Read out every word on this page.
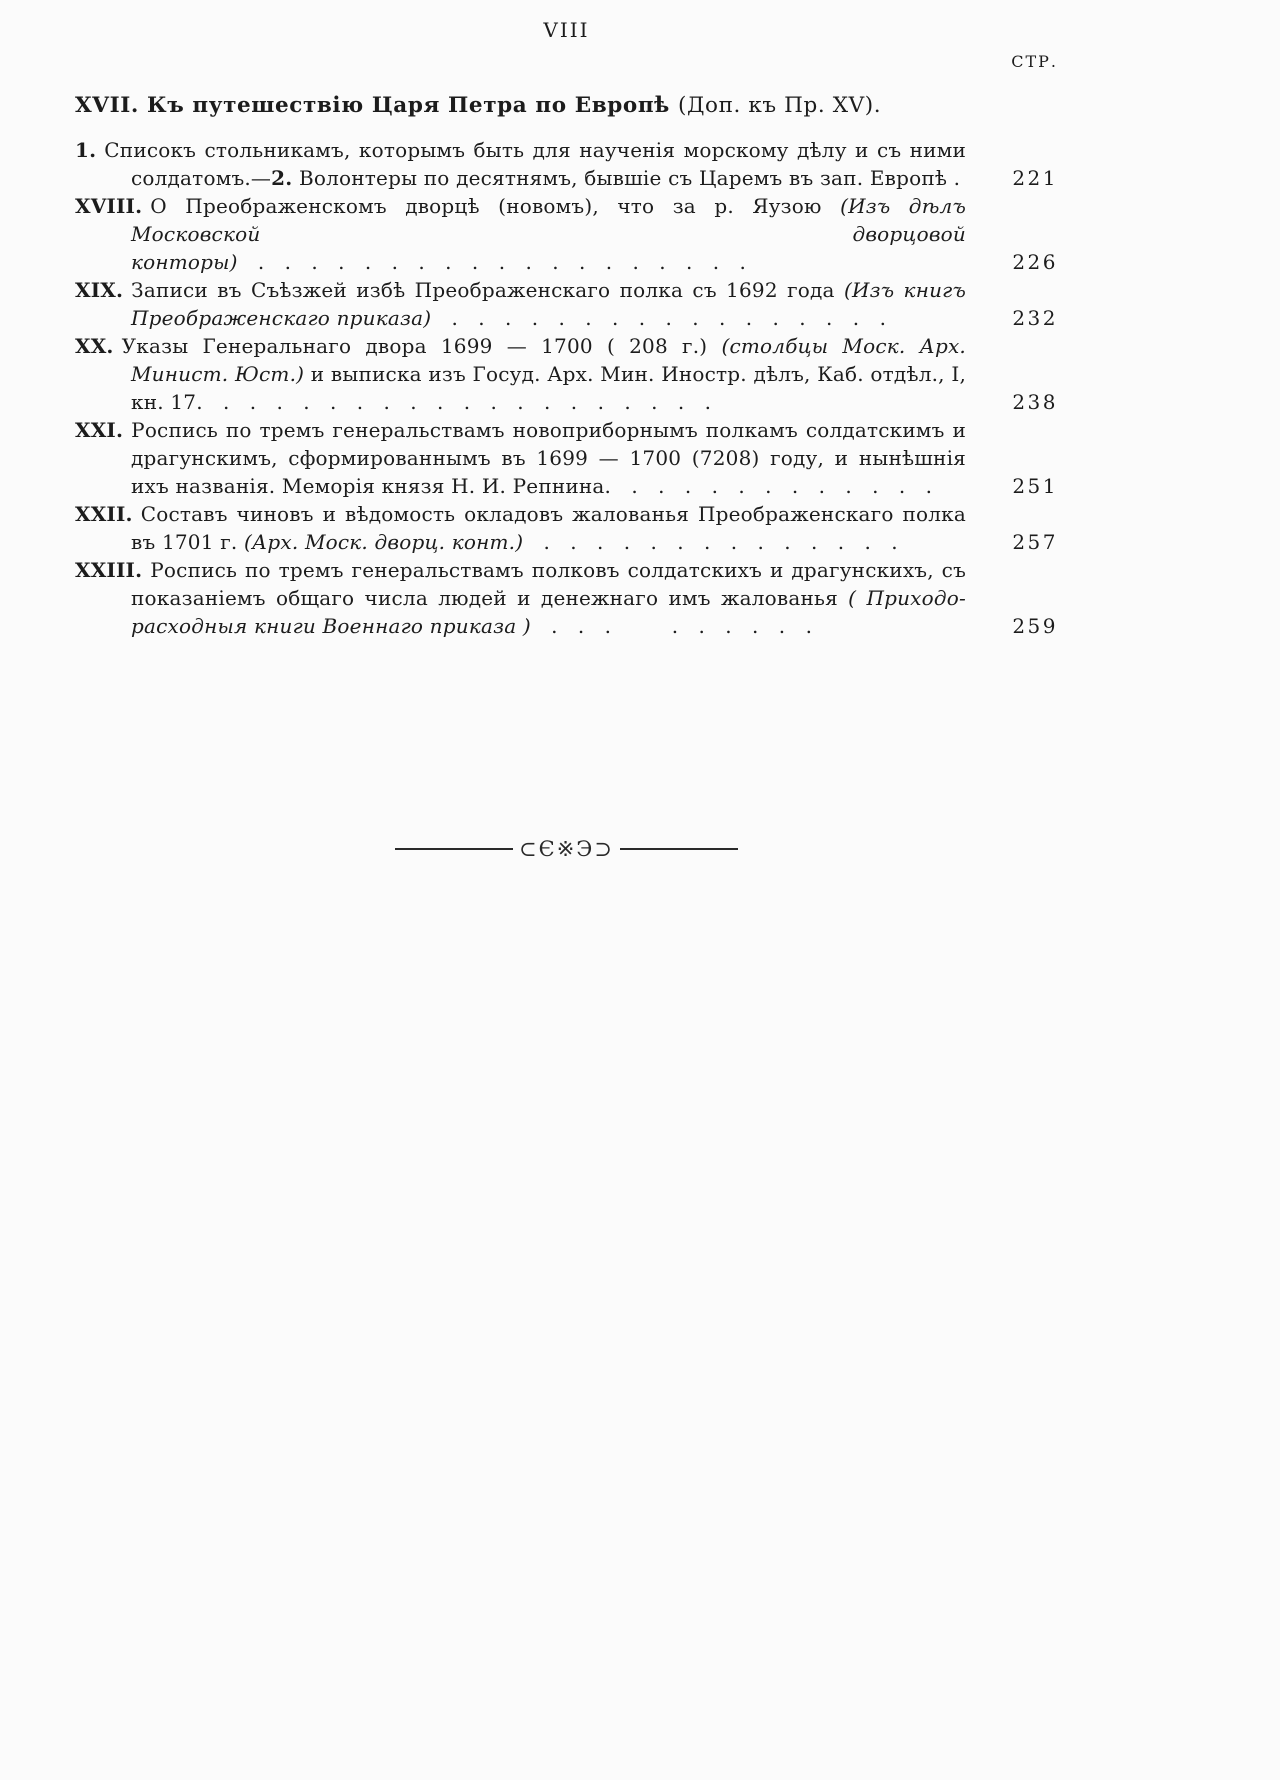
VIII
СТР.
XVII. Къ путешествію Царя Петра по Европѣ (Доп. къ Пр. XV).

1. Списокъ стольникамъ, которымъ быть для наученія морскому дѣлу и съ ними солдатомъ.—2. Волонтеры по десятнямъ, бывшіе съ Царемъ въ зап. Европѣ .	221

XVIII. О Преображенскомъ дворцѣ (новомъ), что за р. Яузою (Изъ дѣлъ Московской дворцовой конторы) . . . . . . . . . . . . . . . . . . .	226

XIX. Записи въ Съѣзжей избѣ Преображенскаго полка съ 1692 года (Изъ книгъ Преображенскаго приказа) . . . . . . . . . . . . . . . . .	232

XX. Указы Генеральнаго двора 1699 — 1700 ( 208 г.) (столбцы Моск. Арх. Минист. Юст.) и выписка изъ Госуд. Арх. Мин. Иностр. дѣлъ, Каб. отдѣл., I, кн. 17. . . . . . . . . . . . . . . . . . . .	238

XXI. Роспись по тремъ генеральствамъ новоприборнымъ полкамъ солдатскимъ и драгунскимъ, сформированнымъ въ 1699 — 1700 (7208) году, и нынѣшнія ихъ названія. Меморія князя Н. И. Репнина. . . . . . . . . . . . .	251

XXII. Составъ чиновъ и вѣдомость окладовъ жалованья Преображенскаго полка въ 1701 г. (Арх. Моск. дворц. конт.) . . . . . . . . . . . . . .	257

XXIII. Роспись по тремъ генеральствамъ полковъ солдатскихъ и драгунскихъ, съ показаніемъ общаго числа людей и денежнаго имъ жалованья ( Приходо-расходныя книги Военнаго приказа ) . . .   . . . . . .	259
⊂Є※Э⊃
